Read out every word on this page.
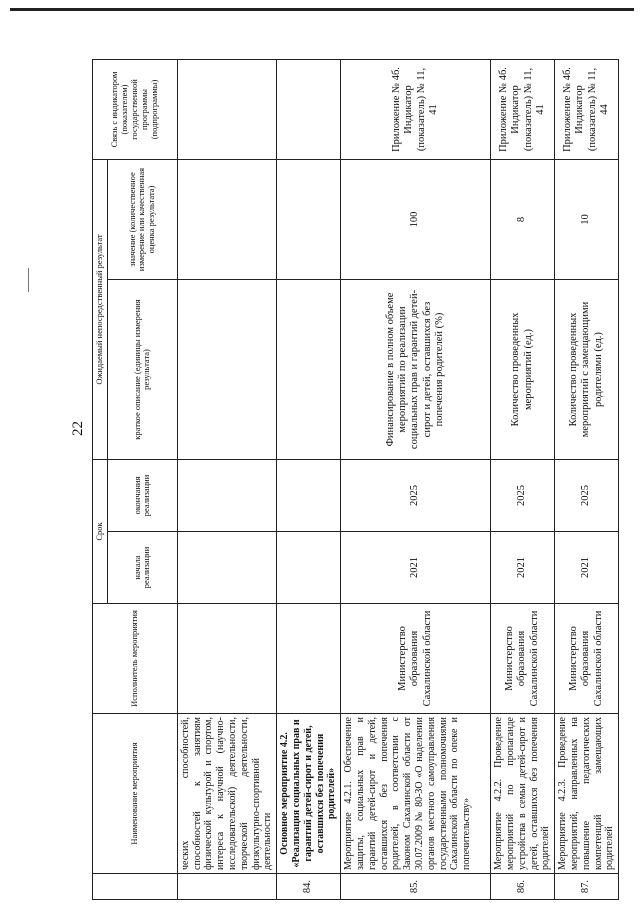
22
	Наименование мероприятия	Исполнитель мероприятия	Срок		Ожидаемый непосредственный результат		Связь с индикатором (показателем) государственной программы (подпрограммы)
			начала реализации	окончания реализации	краткое описание (единицы измерения результата)	значение (количественное измерение или качественная оценка результата)	

	ческих способностей, способностей к занятиям физической культурой и спортом, интереса к научной (научно-исследовательской) деятельности, творческой деятельности, физкультурно-спортивной деятельности						
84.	Основное мероприятие 4.2. «Реализация социальных прав и гарантий детей-сирот и детей, оставшихся без попечения родителей»						
85.	Мероприятие 4.2.1. Обеспечение защиты, социальных прав и гарантий детей-сирот и детей, оставшихся без попечения родителей, в соответствии с Законом Сахалинской области от 30.07.2009 № 80-ЗО «О наделении органов местного самоуправления государственными полномочиями Сахалинской области по опеке и попечительству»	Министерство образования Сахалинской области	2021	2025	Финансирование в полном объеме мероприятий по реализации социальных прав и гарантий детей-сирот и детей, оставшихся без попечения родителей (%)	100	Приложение № 4б. Индикатор (показатель) № 11, 41
86.	Мероприятие 4.2.2. Проведение мероприятий по пропаганде устройства в семьи детей-сирот и детей, оставшихся без попечения родителей	Министерство образования Сахалинской области	2021	2025	Количество проведенных мероприятий (ед.)	8	Приложение № 4б. Индикатор (показатель) № 11, 41
87.	Мероприятие 4.2.3. Проведение мероприятий, направленных на повышение педагогических компетенций замещающих родителей	Министерство образования Сахалинской области	2021	2025	Количество проведенных мероприятий с замещающими родителями (ед.)	10	Приложение № 4б. Индикатор (показатель) № 11, 44
